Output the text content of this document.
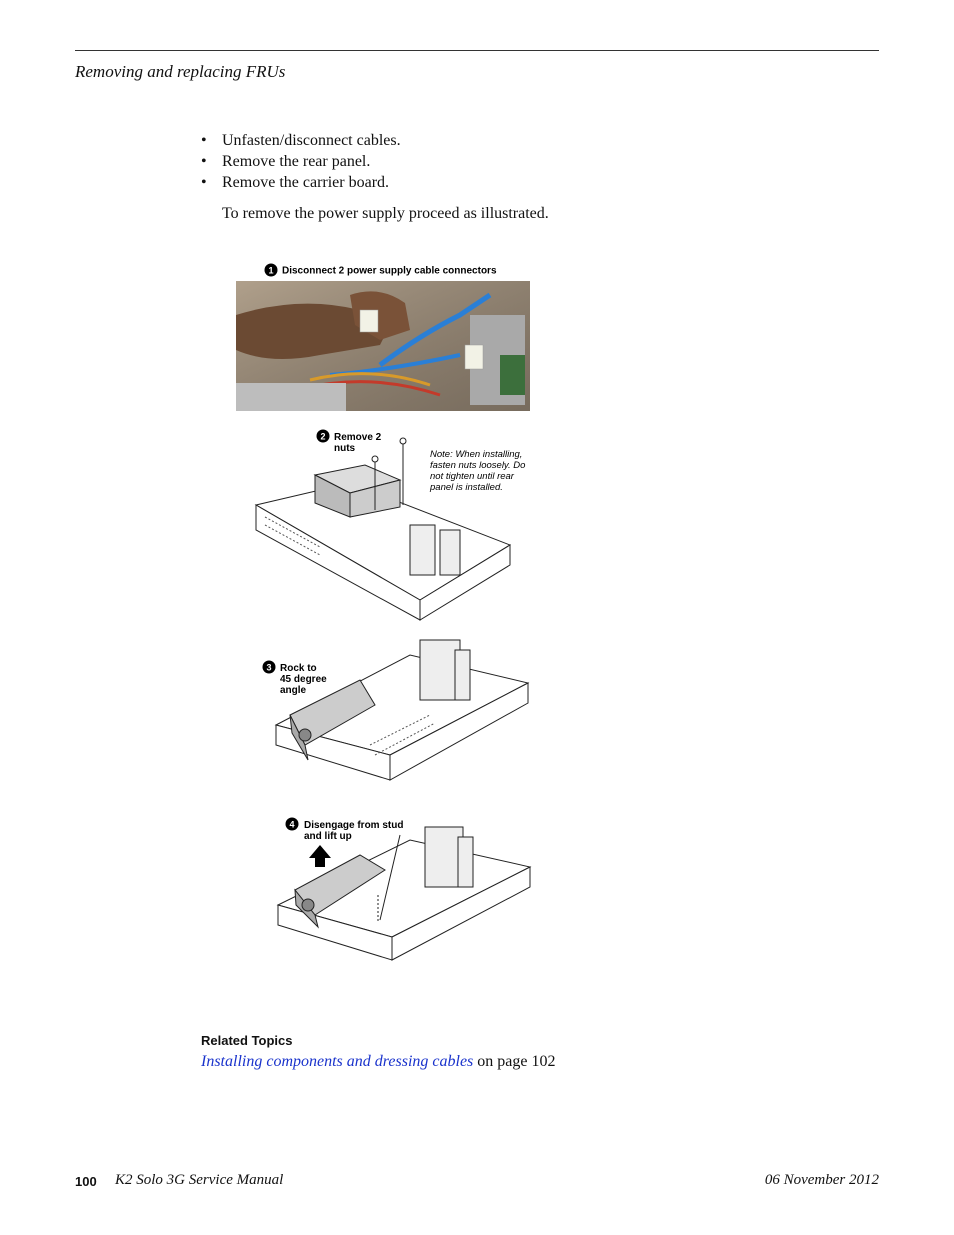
Removing and replacing FRUs
• Unfasten/disconnect cables.
• Remove the rear panel.
• Remove the carrier board.
To remove the power supply proceed as illustrated.
1 Disconnect 2 power supply cable connectors
2 Remove 2
nuts
Note: When installing,
fasten nuts loosely. Do
not tighten until rear
panel is installed.
3 Rock to
45 degree
angle
4 Disengage from stud
and lift up
Related Topics
Installing components and dressing cables on page 102
100 K2 Solo 3G Service Manual	06 November 2012
